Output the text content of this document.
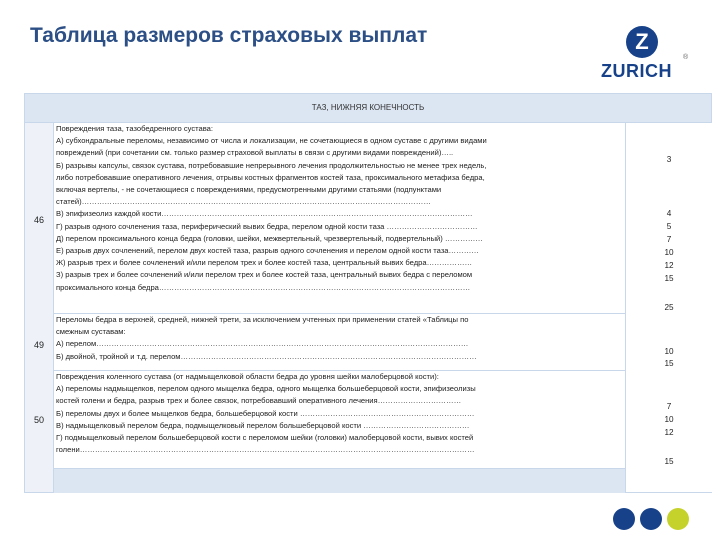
Таблица размеров страховых выплат	Z
ZURICH
®
ТАЗ, НИЖНЯЯ КОНЕЧНОСТЬ
46
49
50
Повреждения таза, тазобедренного сустава:
А) субхондральные переломы, независимо от числа и локализации, не сочетающиеся в одном суставе с другими видами
повреждений (при сочетании см. только размер страховой выплаты в связи с другими видами повреждений)…..
Б) разрывы капсулы, связок сустава, потребовавшие непрерывного лечения продолжительностью не менее трех недель,
либо потребовавшие оперативного лечения, отрывы костных фрагментов костей таза, проксимального метафиза бедра,
включая вертелы, - не сочетающиеся с повреждениями, предусмотренными другими статьями (подпунктами
статей)…………………………………………………………………………………………………………………………
В) эпифизеолиз каждой кости……………………………………………………………………………………………………………
Г) разрыв одного сочленения таза, периферический вывих бедра, перелом одной кости таза ………………………………
Д) перелом проксимального конца бедра (головки, шейки, межвертельный, чрезвертельный, подвертельный) ……………
Е) разрыв двух сочленений, перелом двух костей таза, разрыв одного сочленения и перелом одной кости таза…………
Ж) разрыв трех и более сочленений и/или перелом трех и более костей таза, центральный вывих бедра………………
З) разрыв трех и более сочленений и/или перелом трех и более костей таза, центральный вывих бедра с переломом
проксимального конца бедра……………………………………………………………………………………………………………
Переломы бедра в верхней, средней, нижней трети, за исключением учтенных при применении статей «Таблицы по
смежным суставам:
А) перелом…………………………………………………………………………………………………………………………………
Б) двойной, тройной и т.д. перелом………………………………………………………………………………………………………
Повреждения коленного сустава (от надмыщелковой области бедра до уровня шейки малоберцовой кости):
А) переломы надмыщелков, перелом одного мыщелка бедра, одного мыщелка большеберцовой кости, эпифизеолизы
костей голени и бедра, разрыв трех и более связок, потребовавший оперативного лечения……………………………
Б) переломы двух и более мыщелков бедра, большеберцовой кости ……………………………………………………………
В) надмыщелковый перелом бедра, подмыщелковый перелом большеберцовой кости ……………………………………
Г) подмыщелковый перелом большеберцовой кости с переломом шейки (головки) малоберцовой кости, вывих костей
голени…………………………………………………………………………………………………………………………………………
3
4
5
7
10
12
15
25
10
15
7
10
12
15
